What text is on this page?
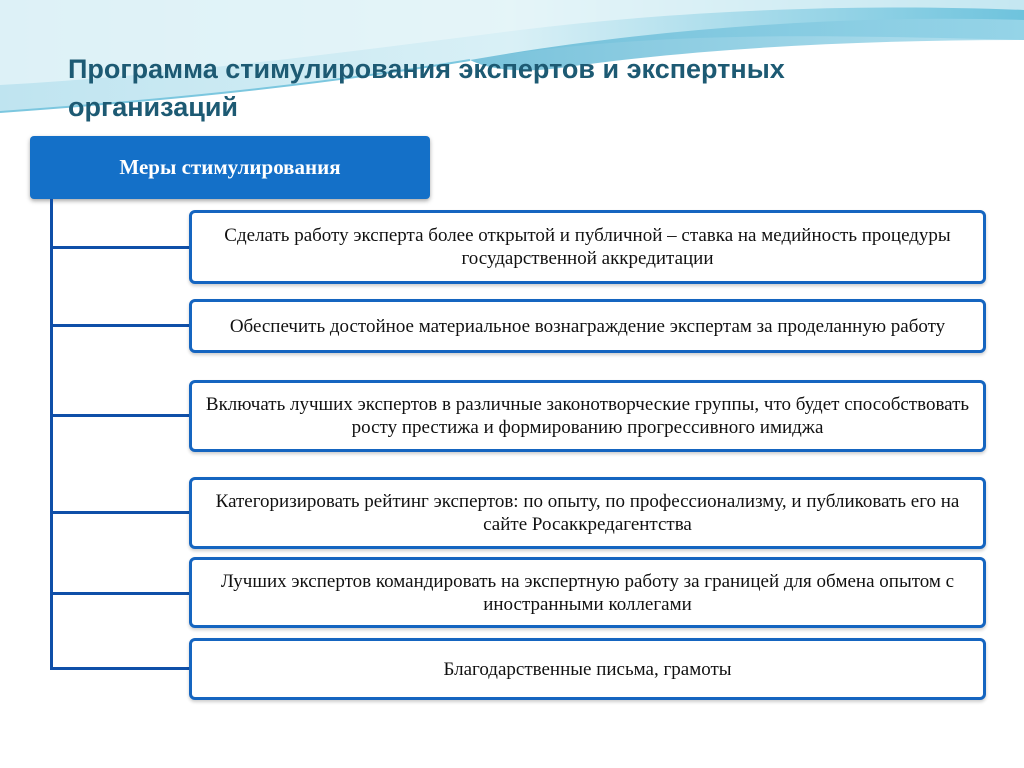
Программа стимулирования экспертов и экспертных организаций
Меры стимулирования
Сделать работу эксперта более открытой и публичной – ставка на медийность процедуры государственной аккредитации
Обеспечить достойное материальное вознаграждение экспертам за проделанную работу
Включать лучших экспертов в различные законотворческие группы, что будет способствовать росту престижа и формированию прогрессивного имиджа
Категоризировать рейтинг экспертов: по опыту, по профессионализму, и публиковать его на сайте Росаккредагентства
Лучших экспертов командировать на экспертную работу за границей для обмена опытом с иностранными коллегами
Благодарственные письма, грамоты
